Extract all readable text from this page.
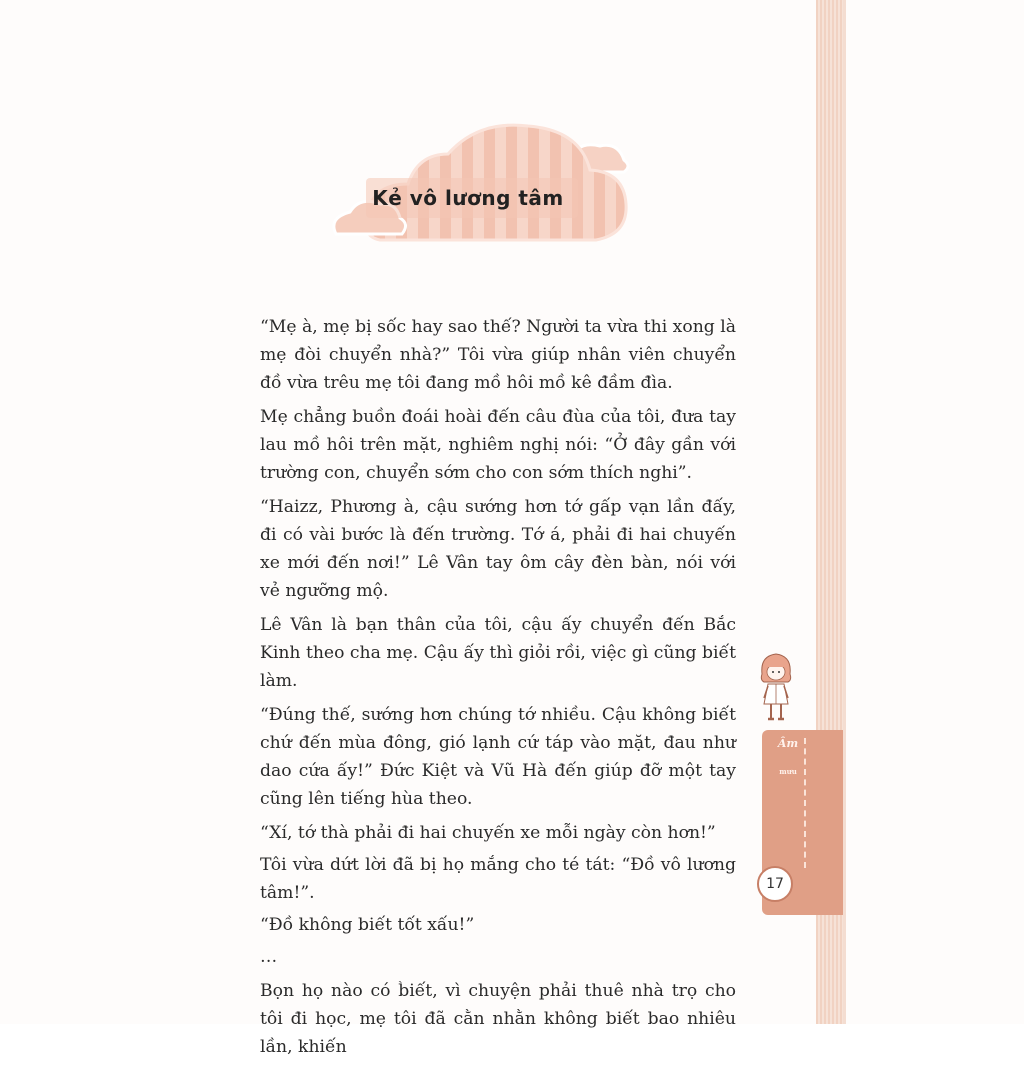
Kẻ vô lương tâm

“Mẹ à, mẹ bị sốc hay sao thế? Người ta vừa thi xong là mẹ đòi chuyển nhà?” Tôi vừa giúp nhân viên chuyển đồ vừa trêu mẹ tôi đang mồ hôi mồ kê đầm đìa.

Mẹ chẳng buồn đoái hoài đến câu đùa của tôi, đưa tay lau mồ hôi trên mặt, nghiêm nghị nói: “Ở đây gần với trường con, chuyển sớm cho con sớm thích nghi”.

“Haizz, Phương à, cậu sướng hơn tớ gấp vạn lần đấy, đi có vài bước là đến trường. Tớ á, phải đi hai chuyến xe mới đến nơi!” Lê Vân tay ôm cây đèn bàn, nói với vẻ ngưỡng mộ.

Lê Vân là bạn thân của tôi, cậu ấy chuyển đến Bắc Kinh theo cha mẹ. Cậu ấy thì giỏi rồi, việc gì cũng biết làm.

“Đúng thế, sướng hơn chúng tớ nhiều. Cậu không biết chứ đến mùa đông, gió lạnh cứ táp vào mặt, đau như dao cứa ấy!” Đức Kiệt và Vũ Hà đến giúp đỡ một tay cũng lên tiếng hùa theo.

“Xí, tớ thà phải đi hai chuyến xe mỗi ngày còn hơn!”

Tôi vừa dứt lời đã bị họ mắng cho té tát: “Đồ vô lương tâm!”.

“Đồ không biết tốt xấu!”

…

Bọn họ nào có biết, vì chuyện phải thuê nhà trọ cho tôi đi học, mẹ tôi đã cằn nhằn không biết bao nhiêu lần, khiến

ˏ
Âm
mưu
17
